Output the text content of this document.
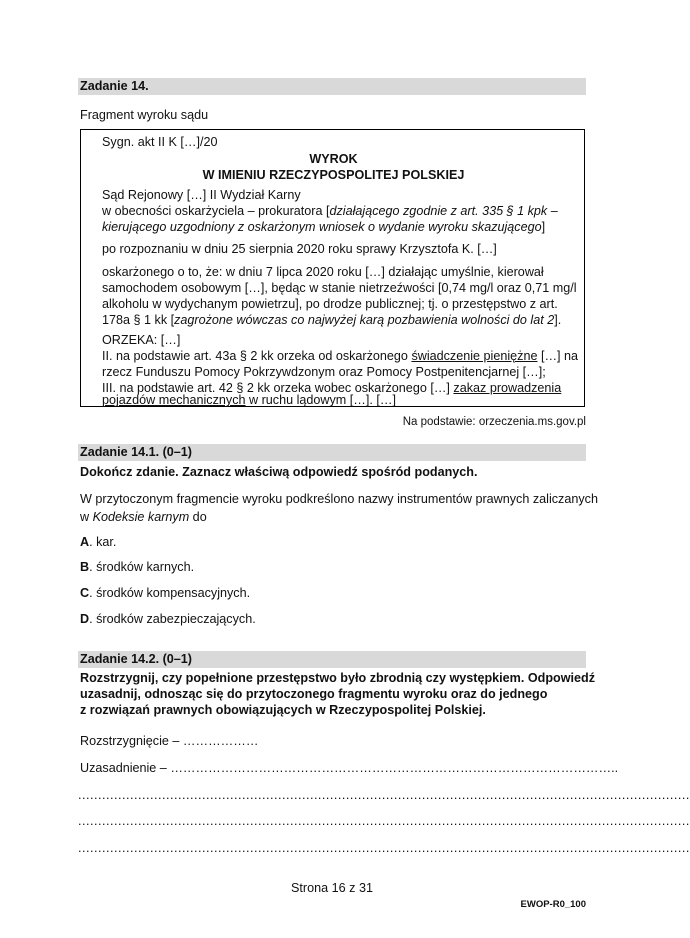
Zadanie 14.
Fragment wyroku sądu
Sygn. akt II K […]/20
WYROK
W IMIENIU RZECZYPOSPOLITEJ POLSKIEJ
Sąd Rejonowy […] II Wydział Karny
w obecności oskarżyciela – prokuratora [działającego zgodnie z art. 335 § 1 kpk –
kierującego uzgodniony z oskarżonym wniosek o wydanie wyroku skazującego]
po rozpoznaniu w dniu 25 sierpnia 2020 roku sprawy Krzysztofa K. […]
oskarżonego o to, że: w dniu 7 lipca 2020 roku […] działając umyślnie, kierował
samochodem osobowym […], będąc w stanie nietrzeźwości [0,74 mg/l oraz 0,71 mg/l
alkoholu w wydychanym powietrzu], po drodze publicznej; tj. o przestępstwo z art.
178a § 1 kk [zagrożone wówczas co najwyżej karą pozbawienia wolności do lat 2].
ORZEKA: […]
II. na podstawie art. 43a § 2 kk orzeka od oskarżonego świadczenie pieniężne […] na
rzecz Funduszu Pomocy Pokrzywdzonym oraz Pomocy Postpenitencjarnej […];
III. na podstawie art. 42 § 2 kk orzeka wobec oskarżonego […] zakaz prowadzenia
pojazdów mechanicznych w ruchu lądowym […]. […]
Na podstawie: orzeczenia.ms.gov.pl
Zadanie 14.1. (0–1)
Dokończ zdanie. Zaznacz właściwą odpowiedź spośród podanych.
W przytoczonym fragmencie wyroku podkreślono nazwy instrumentów prawnych zaliczanych
w Kodeksie karnym do
A. kar.
B. środków karnych.
C. środków kompensacyjnych.
D. środków zabezpieczających.
Zadanie 14.2. (0–1)
Rozstrzygnij, czy popełnione przestępstwo było zbrodnią czy występkiem. Odpowiedź
uzasadnij, odnosząc się do przytoczonego fragmentu wyroku oraz do jednego
z rozwiązań prawnych obowiązujących w Rzeczypospolitej Polskiej.
Rozstrzygnięcie – ………………
Uzasadnienie – ……………………………………………………………………………………………..
.........................................................................................................................................................
.........................................................................................................................................................
.........................................................................................................................................................
Strona 16 z 31
EWOP-R0_100
